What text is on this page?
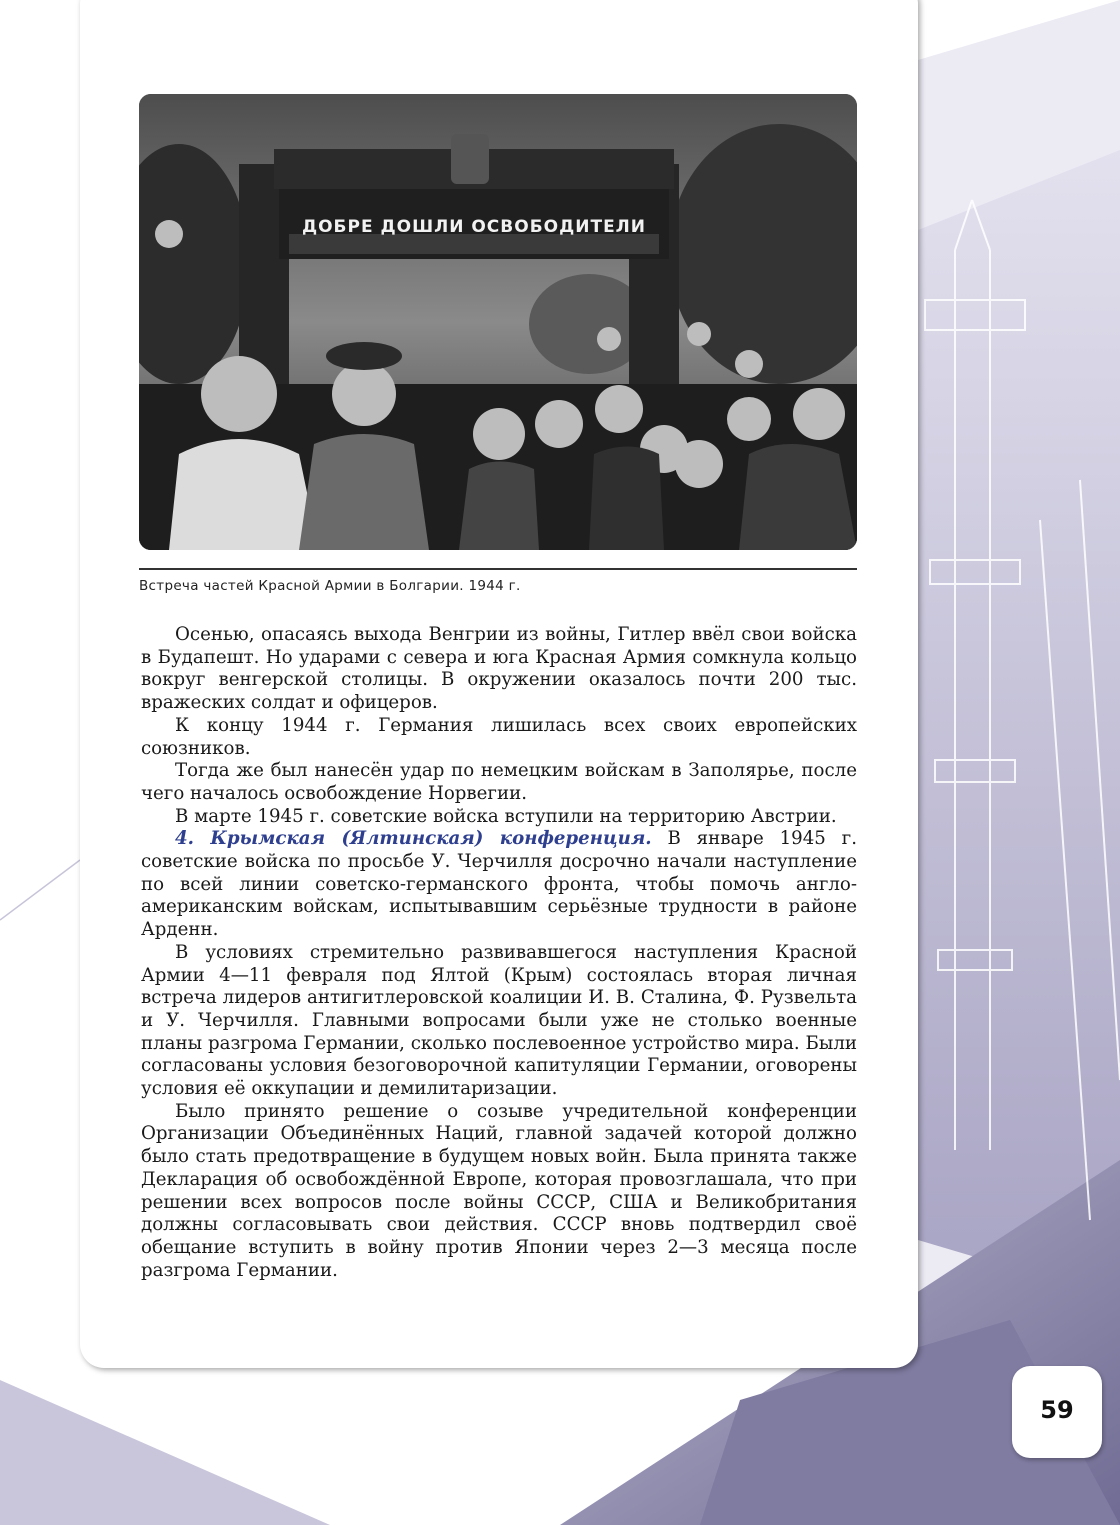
ДОБРЕ ДОШЛИ ОСВОБОДИТЕЛИ
Встреча частей Красной Армии в Болгарии. 1944 г.

Осенью, опасаясь выхода Венгрии из войны, Гитлер ввёл свои войска в Будапешт. Но ударами с севера и юга Красная Армия сомкнула кольцо вокруг венгерской столицы. В окружении оказалось почти 200 тыс. вражеских солдат и офицеров.

К концу 1944 г. Германия лишилась всех своих европейских союзников.

Тогда же был нанесён удар по немецким войскам в Заполярье, после чего началось освобождение Норвегии.

В марте 1945 г. советские войска вступили на территорию Австрии.

4. Крымская (Ялтинская) конференция. В январе 1945 г. советские войска по просьбе У. Черчилля досрочно начали наступление по всей линии советско-германского фронта, чтобы помочь англо-американским войскам, испытывавшим серьёзные трудности в районе Арденн.

В условиях стремительно развивавшегося наступления Красной Армии 4—11 февраля под Ялтой (Крым) состоялась вторая личная встреча лидеров антигитлеровской коалиции И. В. Сталина, Ф. Рузвельта и У. Черчилля. Главными вопросами были уже не столько военные планы разгрома Германии, сколько послевоенное устройство мира. Были согласованы условия безоговорочной капитуляции Германии, оговорены условия её оккупации и демилитаризации.

Было принято решение о созыве учредительной конференции Организации Объединённых Наций, главной задачей которой должно было стать предотвращение в будущем новых войн. Была принята также Декларация об освобождённой Европе, которая провозглашала, что при решении всех вопросов после войны СССР, США и Великобритания должны согласовывать свои действия. СССР вновь подтвердил своё обещание вступить в войну против Японии через 2—3 месяца после разгрома Германии.

59
